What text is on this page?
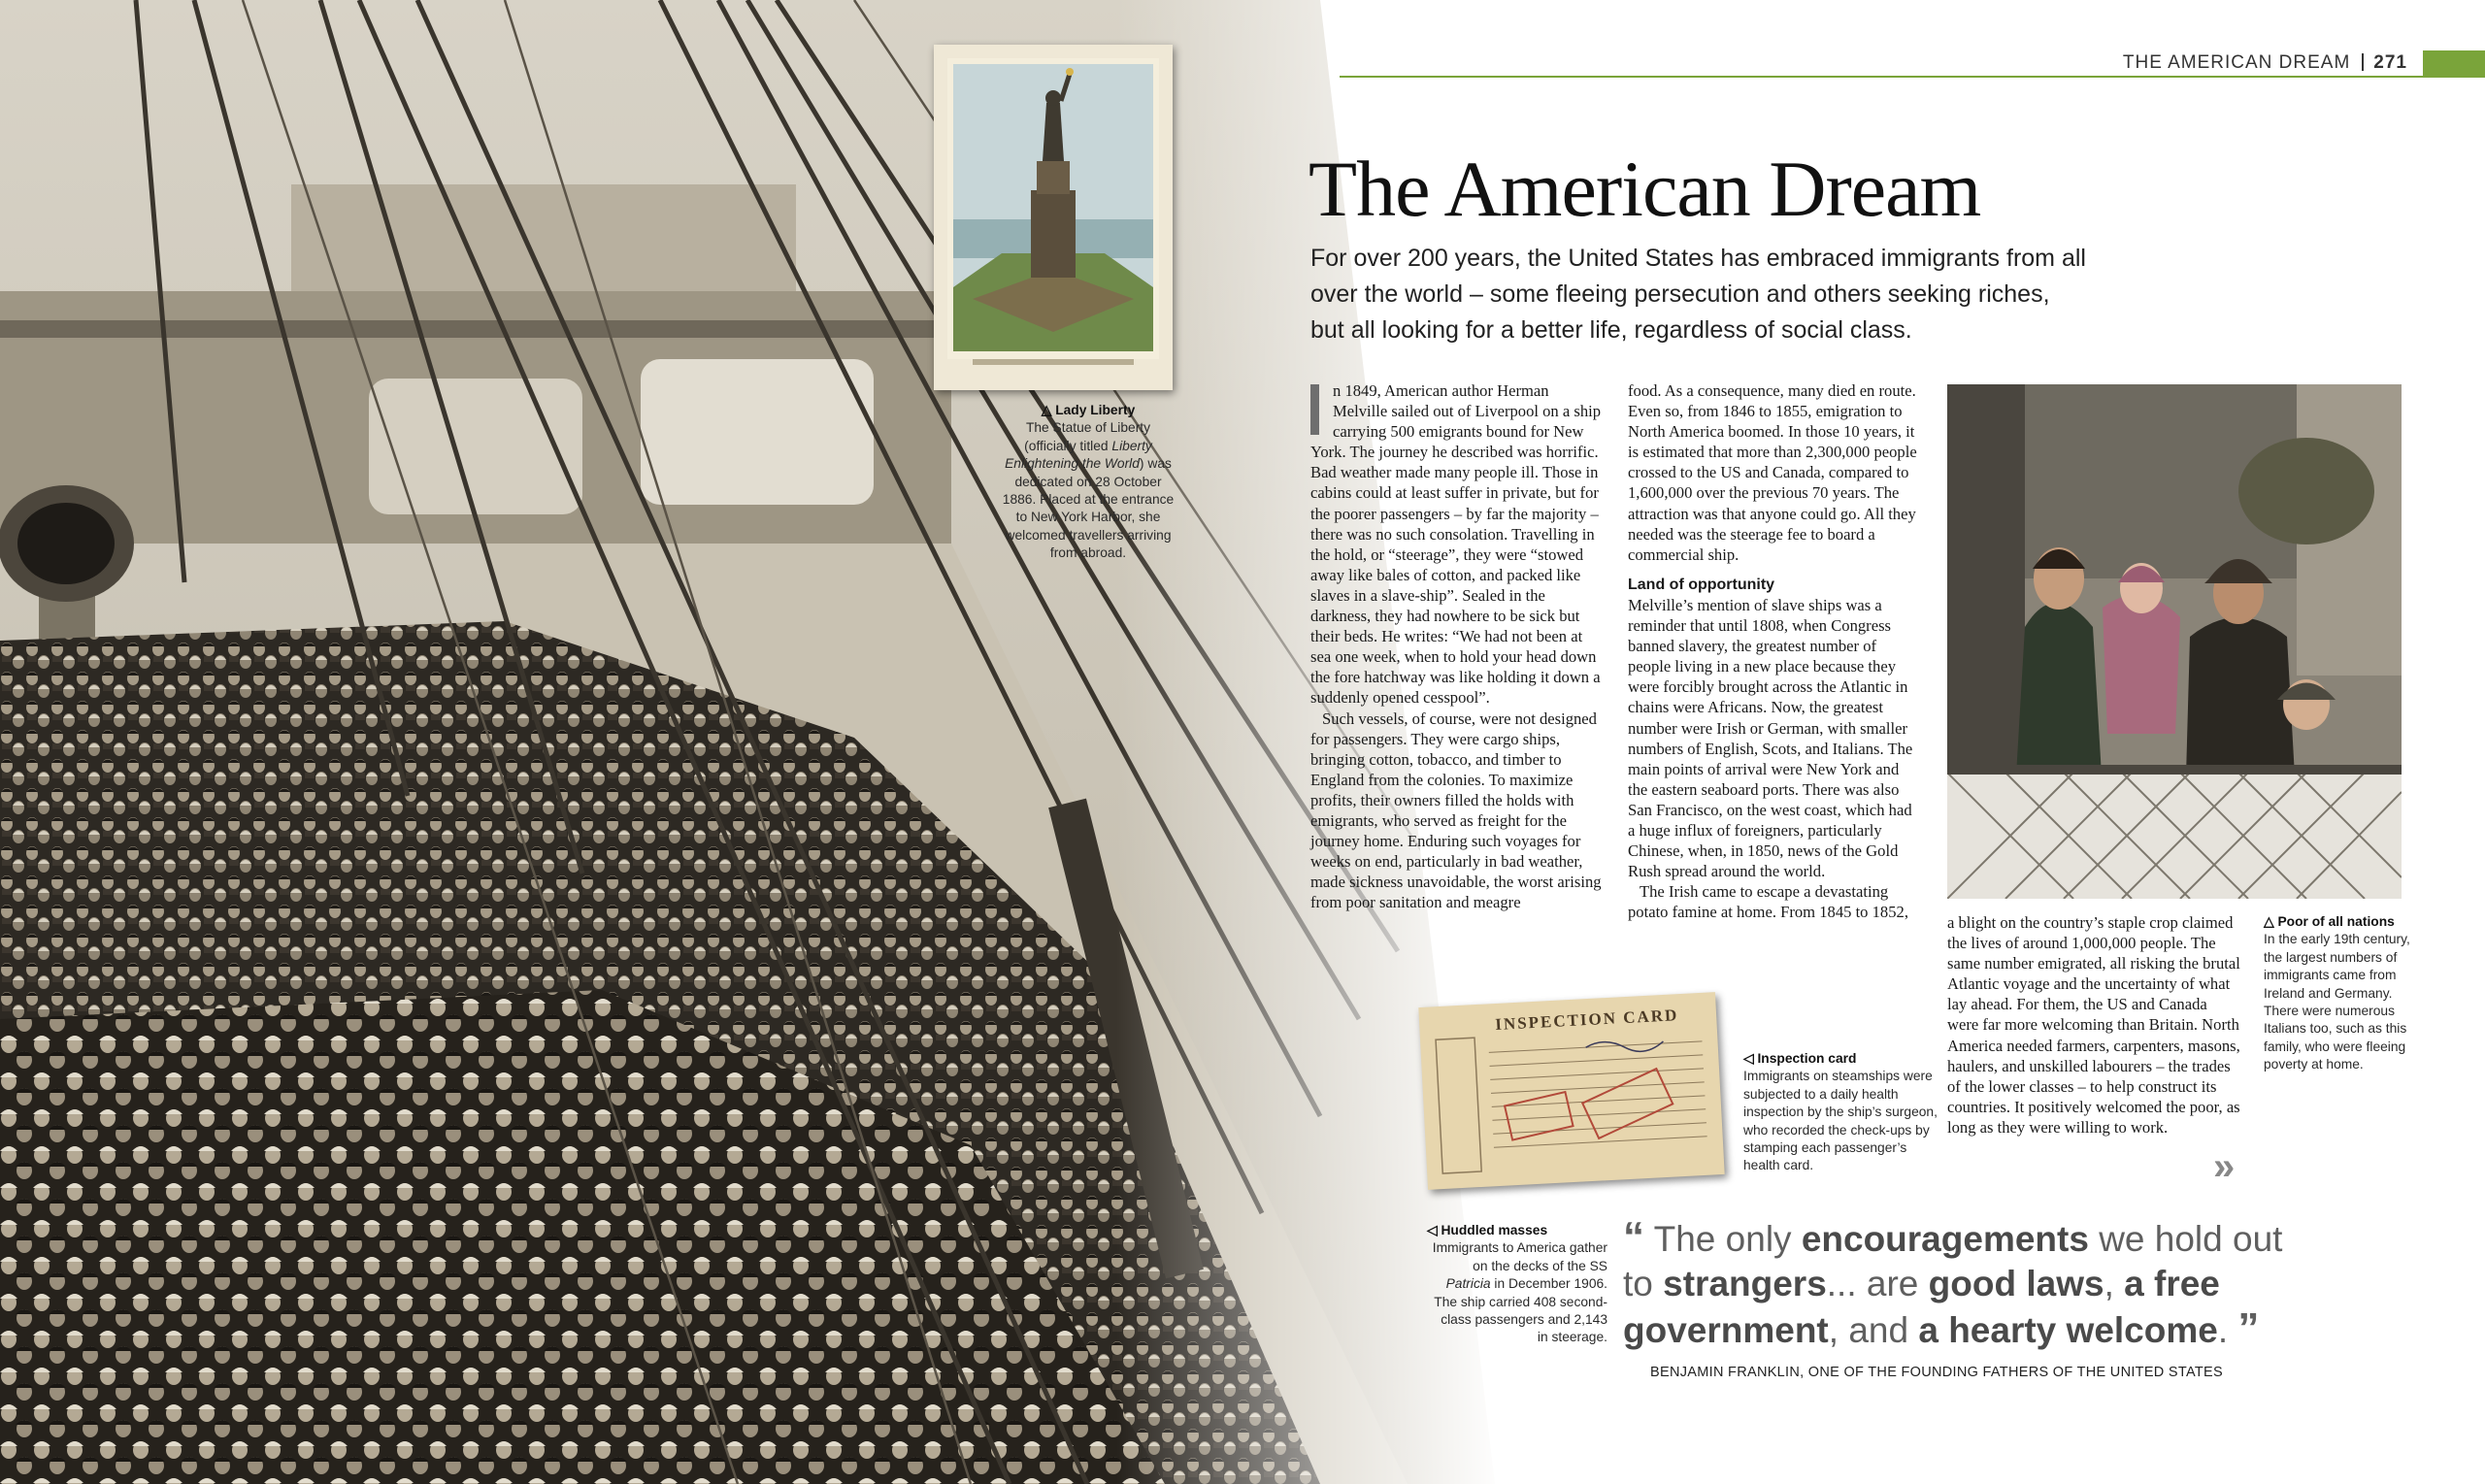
THE AMERICAN DREAM 271
△ Lady Liberty
The Statue of Liberty (officially titled Liberty Enlightening the World) was dedicated on 28 October 1886. Placed at the entrance to New York Harbor, she welcomed travellers arriving from abroad.
The American Dream
For over 200 years, the United States has embraced immigrants from all over the world – some fleeing persecution and others seeking riches, but all looking for a better life, regardless of social class.

n 1849, American author Herman Melville sailed out of Liverpool on a ship carrying 500 emigrants bound for New York. The journey he described was horrific. Bad weather made many people ill. Those in cabins could at least suffer in private, but for the poorer passengers – by far the majority – there was no such consolation. Travelling in the hold, or “steerage”, they were “stowed away like bales of cotton, and packed like slaves in a slave-ship”. Sealed in the darkness, they had nowhere to be sick but their beds. He writes: “We had not been at sea one week, when to hold your head down the fore hatchway was like holding it down a suddenly opened cesspool”.

Such vessels, of course, were not designed for passengers. They were cargo ships, bringing cotton, tobacco, and timber to England from the colonies. To maximize profits, their owners filled the holds with emigrants, who served as freight for the journey home. Enduring such voyages for weeks on end, particularly in bad weather, made sickness unavoidable, the worst arising from poor sanitation and meagre

food. As a consequence, many died en route. Even so, from 1846 to 1855, emigration to North America boomed. In those 10 years, it is estimated that more than 2,300,000 people crossed to the US and Canada, compared to 1,600,000 over the previous 70 years. The attraction was that anyone could go. All they needed was the steerage fee to board a commercial ship.

Land of opportunity

Melville’s mention of slave ships was a reminder that until 1808, when Congress banned slavery, the greatest number of people living in a new place because they were forcibly brought across the Atlantic in chains were Africans. Now, the greatest number were Irish or German, with smaller numbers of English, Scots, and Italians. The main points of arrival were New York and the eastern seaboard ports. There was also San Francisco, on the west coast, which had a huge influx of foreigners, particularly Chinese, when, in 1850, news of the Gold Rush spread around the world.

The Irish came to escape a devastating potato famine at home. From 1845 to 1852,

a blight on the country’s staple crop claimed the lives of around 1,000,000 people. The same number emigrated, all risking the brutal Atlantic voyage and the uncertainty of what lay ahead. For them, the US and Canada were far more welcoming than Britain. North America needed farmers, carpenters, masons, haulers, and unskilled labourers – the trades of the lower classes – to help construct its countries. It positively welcomed the poor, as long as they were willing to work.

»
△ Poor of all nations
In the early 19th century, the largest numbers of immigrants came from Ireland and Germany. There were numerous Italians too, such as this family, who were fleeing poverty at home.
INSPECTION CARD
◁ Inspection card
Immigrants on steamships were subjected to a daily health inspection by the ship’s surgeon, who recorded the check-ups by stamping each passenger’s health card.
◁ Huddled masses
Immigrants to America gather on the decks of the SS Patricia in December 1906. The ship carried 408 second-class passengers and 2,143 in steerage.
“ The only encouragements we hold out to strangers... are good laws, a free government, and a hearty welcome. ”
BENJAMIN FRANKLIN, ONE OF THE FOUNDING FATHERS OF THE UNITED STATES
